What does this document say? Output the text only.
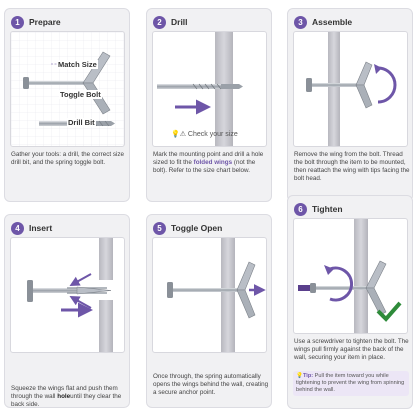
1	Prepare
Match Size
Toggle Bolt
Drill Bit
Gather your tools: a drill, the correct size drill bit, and the spring toggle bolt.
2	Drill
💡⚠ Check your size
Mark the mounting point and drill a hole sized to fit the folded wings (not the bolt). Refer to the size chart below.
3	Assemble
Remove the wing from the bolt. Thread the bolt through the item to be mounted, then reattach the wing with tips facing the bolt head.
4	Insert
Squeeze the wings flat and push them through the wall holeuntil they clear the back side.
5	Toggle Open
Once through, the spring automatically opens the wings behind the wall, creating a secure anchor point.
6	Tighten
Use a screwdriver to tighten the bolt. The wings pull firmly against the back of the wall, securing your item in place.
💡Tip: Pull the item toward you while tightening to prevent the wing from spinning behind the wall.
